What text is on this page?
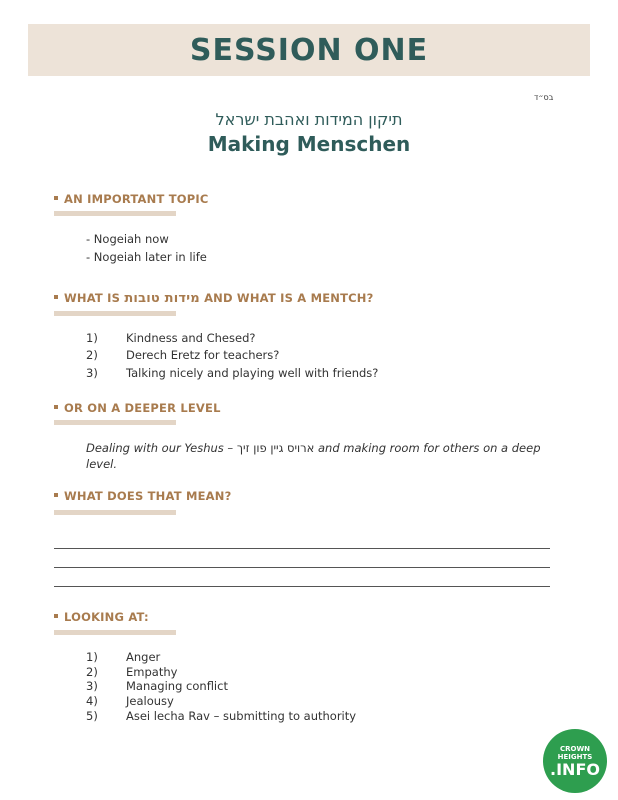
SESSION ONE
בס״ד
תיקון המידות ואהבת ישראל
Making Menschen
AN IMPORTANT TOPIC
- Nogeiah now
- Nogeiah later in life
WHAT IS מידות טובות AND WHAT IS A MENTCH?
1) Kindness and Chesed?
2) Derech Eretz for teachers?
3) Talking nicely and playing well with friends?
OR ON A DEEPER LEVEL
Dealing with our Yeshus – ארויס גיין פון זיך and making room for others on a deep level.
WHAT DOES THAT MEAN?
LOOKING AT:
1) Anger
2) Empathy
3) Managing conflict
4) Jealousy
5) Asei lecha Rav – submitting to authority
CROWN
HEIGHTS
.INFO
